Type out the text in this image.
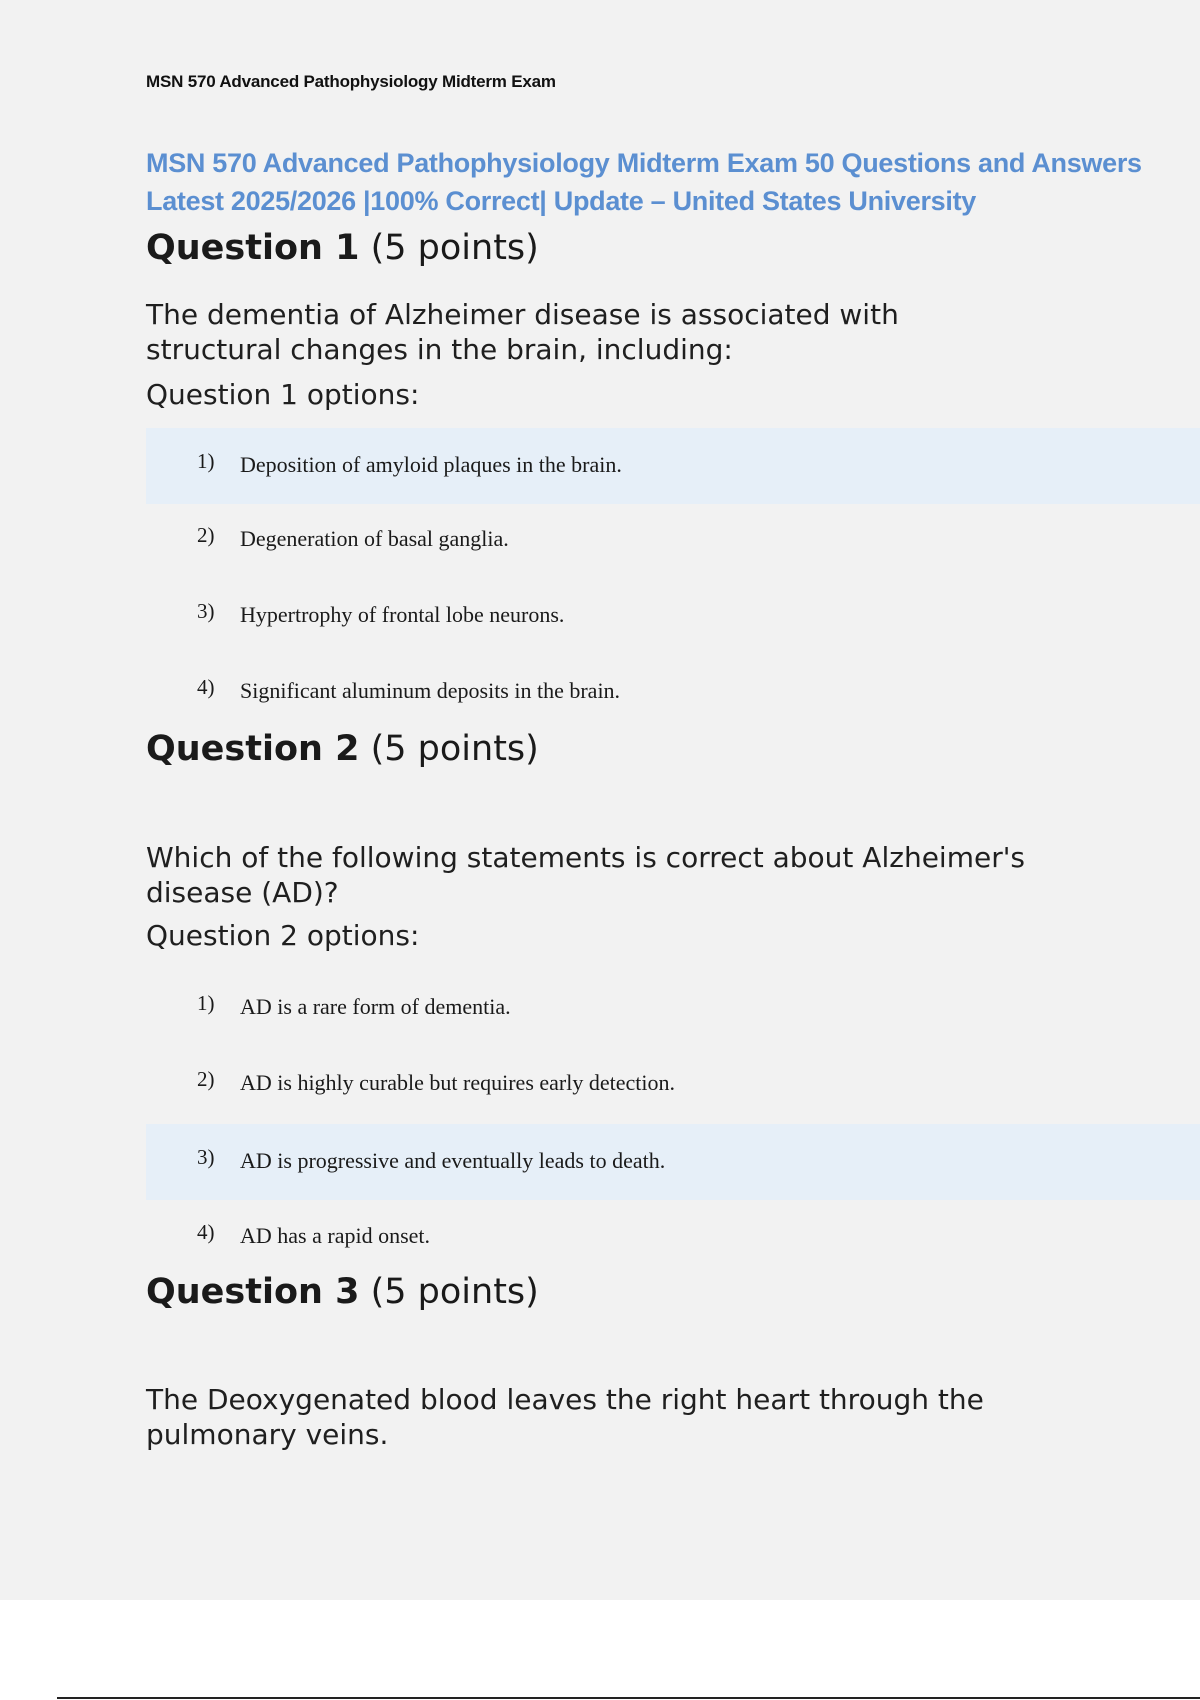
MSN 570 Advanced Pathophysiology Midterm Exam
MSN 570 Advanced Pathophysiology Midterm Exam 50 Questions and Answers
Latest 2025/2026 |100% Correct| Update – United States University
Question 1 (5 points)
The dementia of Alzheimer disease is associated with
structural changes in the brain, including:
Question 1 options:
1) Deposition of amyloid plaques in the brain.
2) Degeneration of basal ganglia.
3) Hypertrophy of frontal lobe neurons.
4) Significant aluminum deposits in the brain.
Question 2 (5 points)
Which of the following statements is correct about Alzheimer's
disease (AD)?
Question 2 options:
1) AD is a rare form of dementia.
2) AD is highly curable but requires early detection.
3) AD is progressive and eventually leads to death.
4) AD has a rapid onset.
Question 3 (5 points)
The Deoxygenated blood leaves the right heart through the
pulmonary veins.
